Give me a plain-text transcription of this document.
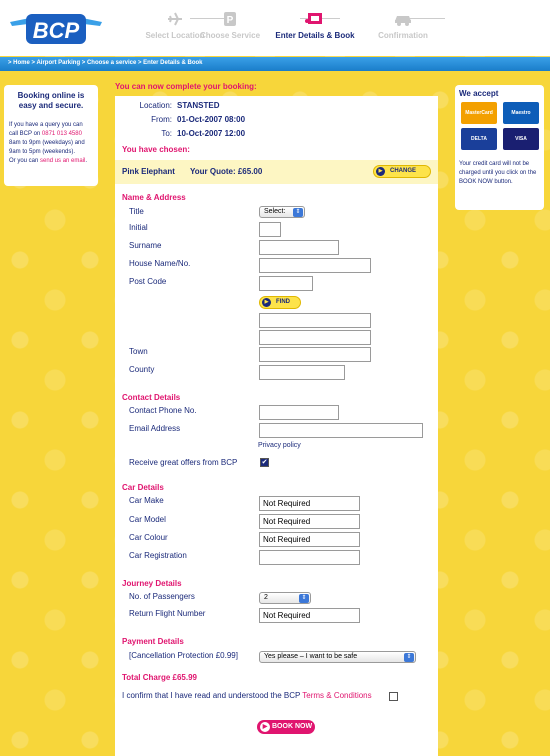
BCP	Select Location
P
Choose Service	Enter Details & Book	Confirmation
> Home > Airport Parking > Choose a service > Enter Details & Book
Booking online is easy and secure.

If you have a query you can call BCP on 0871 013 4580 8am to 9pm (weekdays) and 9am to 5pm (weekends).
Or you can send us an email.

We accept
MasterCard	Maestro
DELTA	VISA

Your credit card will not be charged until you click on the BOOK NOW button.

You can now complete your booking:
Location: STANSTED
From: 01-Oct-2007 08:00
To: 10-Oct-2007 12:00
You have chosen:
Pink Elephant Your Quote: £65.00	▶	CHANGE
Name & Address
Title	Select:	⇕
Initial
Surname
House Name/No.
Post Code
▶	FIND
Town
County
Contact Details
Contact Phone No.
Email Address
Privacy policy
Receive great offers from BCP	✔
Car Details
Car Make	Not Required
Car Model	Not Required
Car Colour	Not Required
Car Registration
Journey Details
No. of Passengers	2	⇕
Return Flight Number	Not Required
Payment Details
[Cancellation Protection £0.99]	Yes please – I want to be safe	⇕
Total Charge £65.99
I confirm that I have read and understood the BCP Terms & Conditions
▶ BOOK NOW
